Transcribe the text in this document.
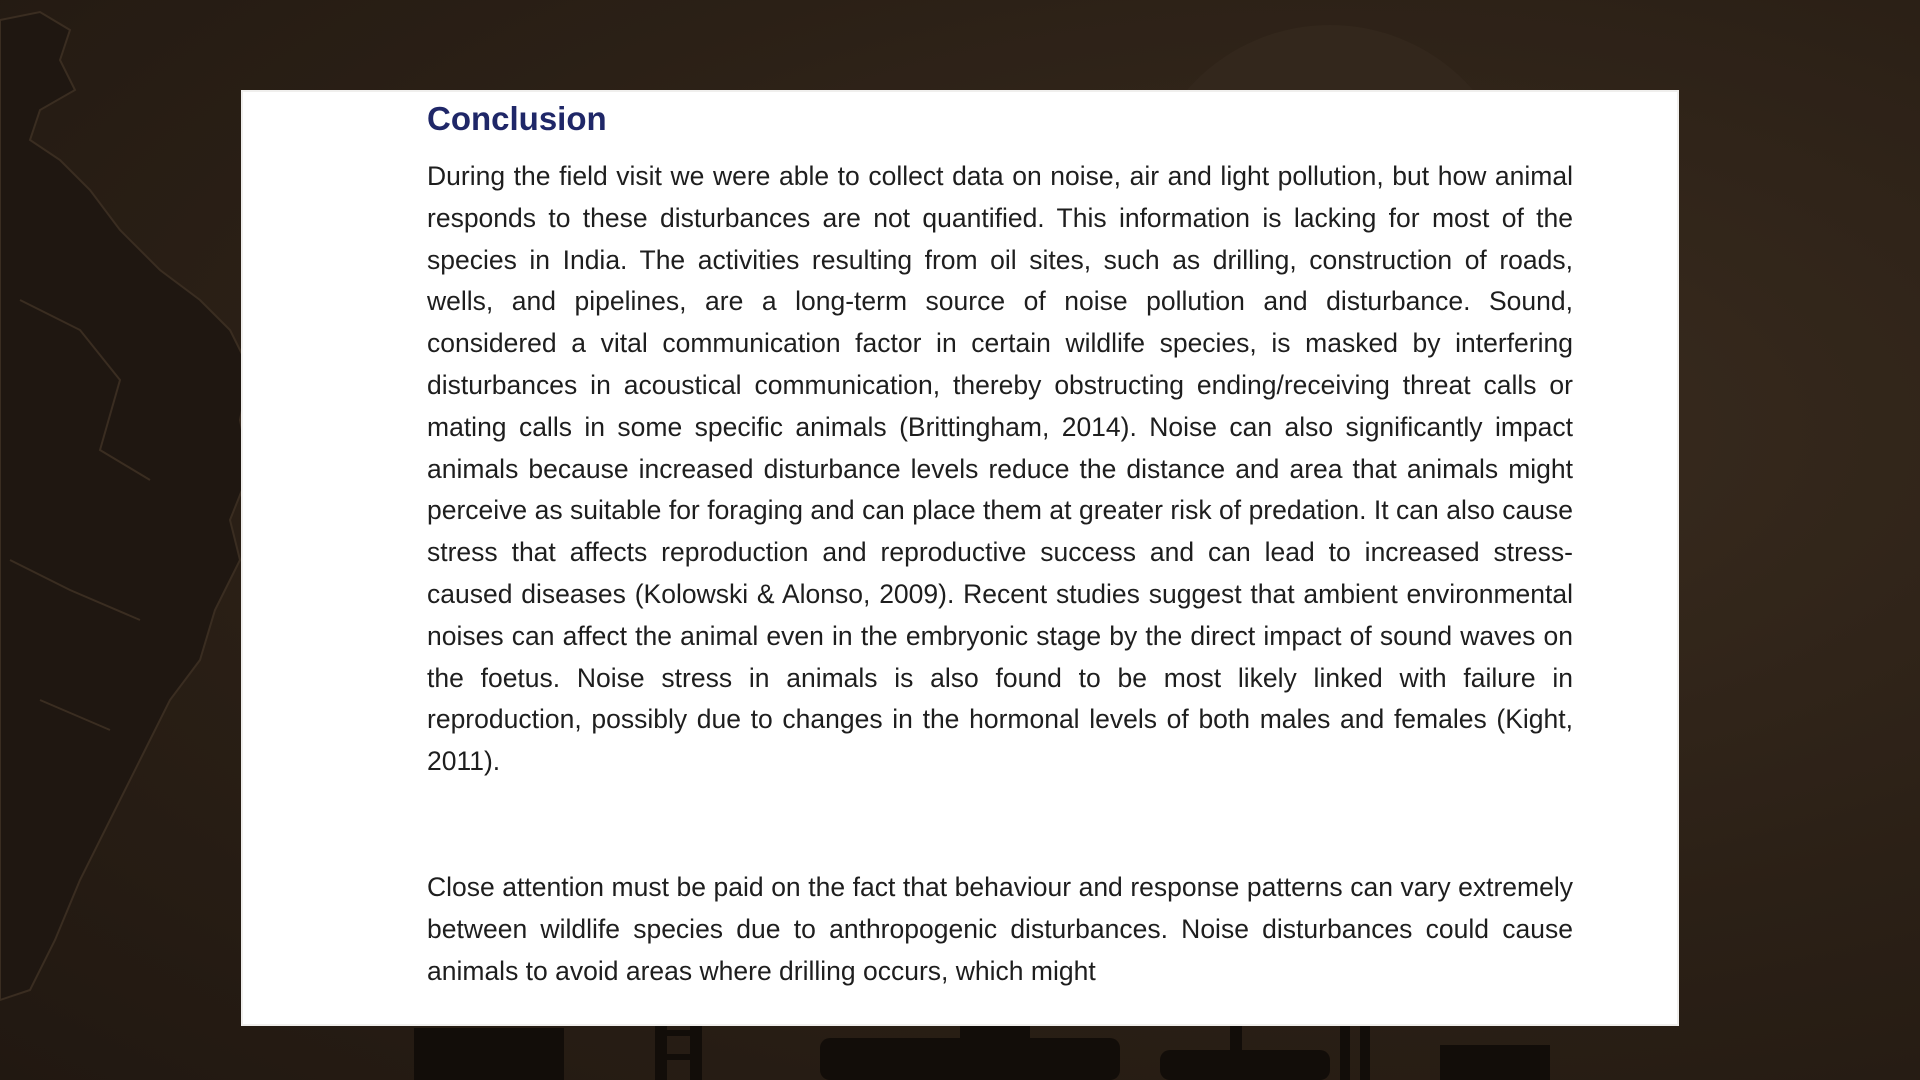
Conclusion

During the field visit we were able to collect data on noise, air and light pollution, but how animal responds to these disturbances are not quantified. This information is lacking for most of the species in India. The activities resulting from oil sites, such as drilling, construction of roads, wells, and pipelines, are a long-term source of noise pollution and disturbance. Sound, considered a vital communication factor in certain wildlife species, is masked by interfering disturbances in acoustical communication, thereby obstructing ending/receiving threat calls or mating calls in some specific animals (Brittingham, 2014). Noise can also significantly impact animals because increased disturbance levels reduce the distance and area that animals might perceive as suitable for foraging and can place them at greater risk of predation. It can also cause stress that affects reproduction and reproductive success and can lead to increased stress-caused diseases (Kolowski & Alonso, 2009). Recent studies suggest that ambient environmental noises can affect the animal even in the embryonic stage by the direct impact of sound waves on the foetus. Noise stress in animals is also found to be most likely linked with failure in reproduction, possibly due to changes in the hormonal levels of both males and females (Kight, 2011).

Close attention must be paid on the fact that behaviour and response patterns can vary extremely between wildlife species due to anthropogenic disturbances. Noise disturbances could cause animals to avoid areas where drilling occurs, which might
